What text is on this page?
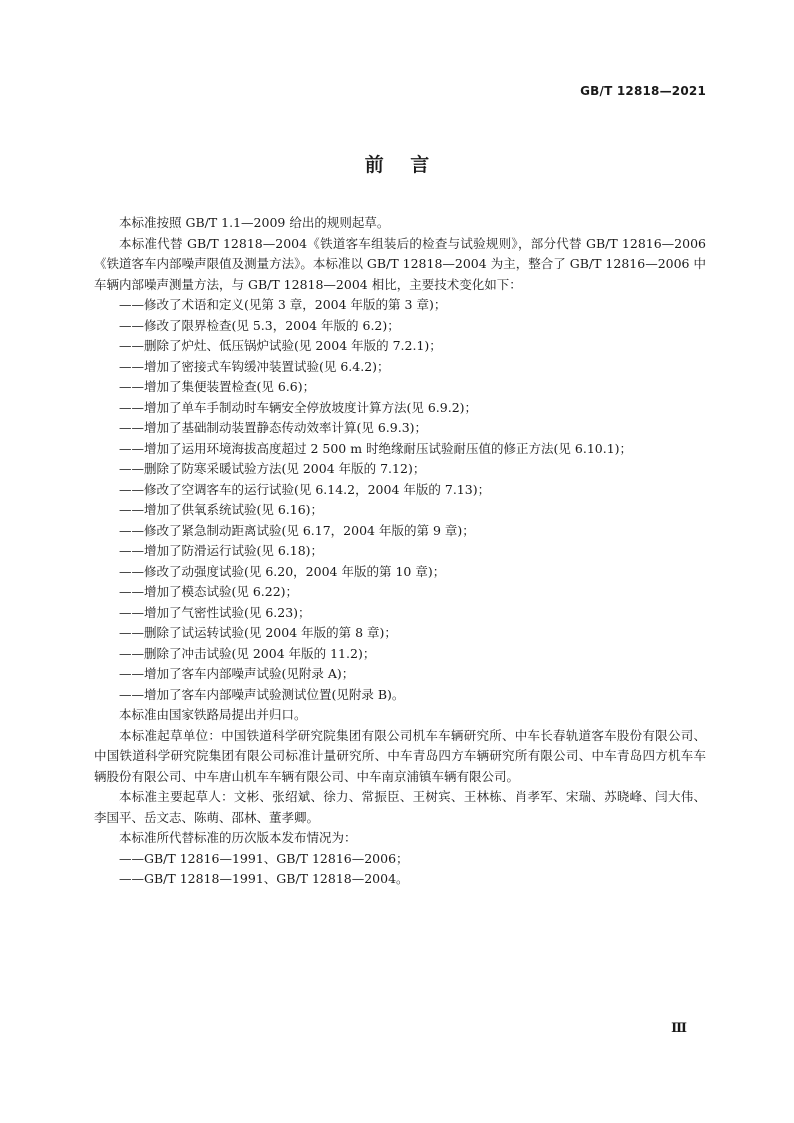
GB/T 12818—2021
前    言

本标准按照 GB/T 1.1—2009 给出的规则起草。

本标准代替 GB/T 12818—2004《铁道客车组装后的检查与试验规则》，部分代替 GB/T 12816—2006《铁道客车内部噪声限值及测量方法》。本标准以 GB/T 12818—2004 为主，整合了 GB/T 12816—2006 中车辆内部噪声测量方法，与 GB/T 12818—2004 相比，主要技术变化如下：

——修改了术语和定义(见第 3 章，2004 年版的第 3 章)；

——修改了限界检查(见 5.3，2004 年版的 6.2)；

——删除了炉灶、低压锅炉试验(见 2004 年版的 7.2.1)；

——增加了密接式车钩缓冲装置试验(见 6.4.2)；

——增加了集便装置检查(见 6.6)；

——增加了单车手制动时车辆安全停放坡度计算方法(见 6.9.2)；

——增加了基础制动装置静态传动效率计算(见 6.9.3)；

——增加了运用环境海拔高度超过 2 500 m 时绝缘耐压试验耐压值的修正方法(见 6.10.1)；

——删除了防寒采暖试验方法(见 2004 年版的 7.12)；

——修改了空调客车的运行试验(见 6.14.2，2004 年版的 7.13)；

——增加了供氧系统试验(见 6.16)；

——修改了紧急制动距离试验(见 6.17，2004 年版的第 9 章)；

——增加了防滑运行试验(见 6.18)；

——修改了动强度试验(见 6.20，2004 年版的第 10 章)；

——增加了模态试验(见 6.22)；

——增加了气密性试验(见 6.23)；

——删除了试运转试验(见 2004 年版的第 8 章)；

——删除了冲击试验(见 2004 年版的 11.2)；

——增加了客车内部噪声试验(见附录 A)；

——增加了客车内部噪声试验测试位置(见附录 B)。

本标准由国家铁路局提出并归口。

本标准起草单位：中国铁道科学研究院集团有限公司机车车辆研究所、中车长春轨道客车股份有限公司、中国铁道科学研究院集团有限公司标准计量研究所、中车青岛四方车辆研究所有限公司、中车青岛四方机车车辆股份有限公司、中车唐山机车车辆有限公司、中车南京浦镇车辆有限公司。

本标准主要起草人：文彬、张绍斌、徐力、常振臣、王树宾、王林栋、肖孝军、宋瑞、苏晓峰、闫大伟、李国平、岳文志、陈萌、邵林、董孝卿。

本标准所代替标准的历次版本发布情况为：

——GB/T 12816—1991、GB/T 12816—2006；

——GB/T 12818—1991、GB/T 12818—2004。

Ⅲ
